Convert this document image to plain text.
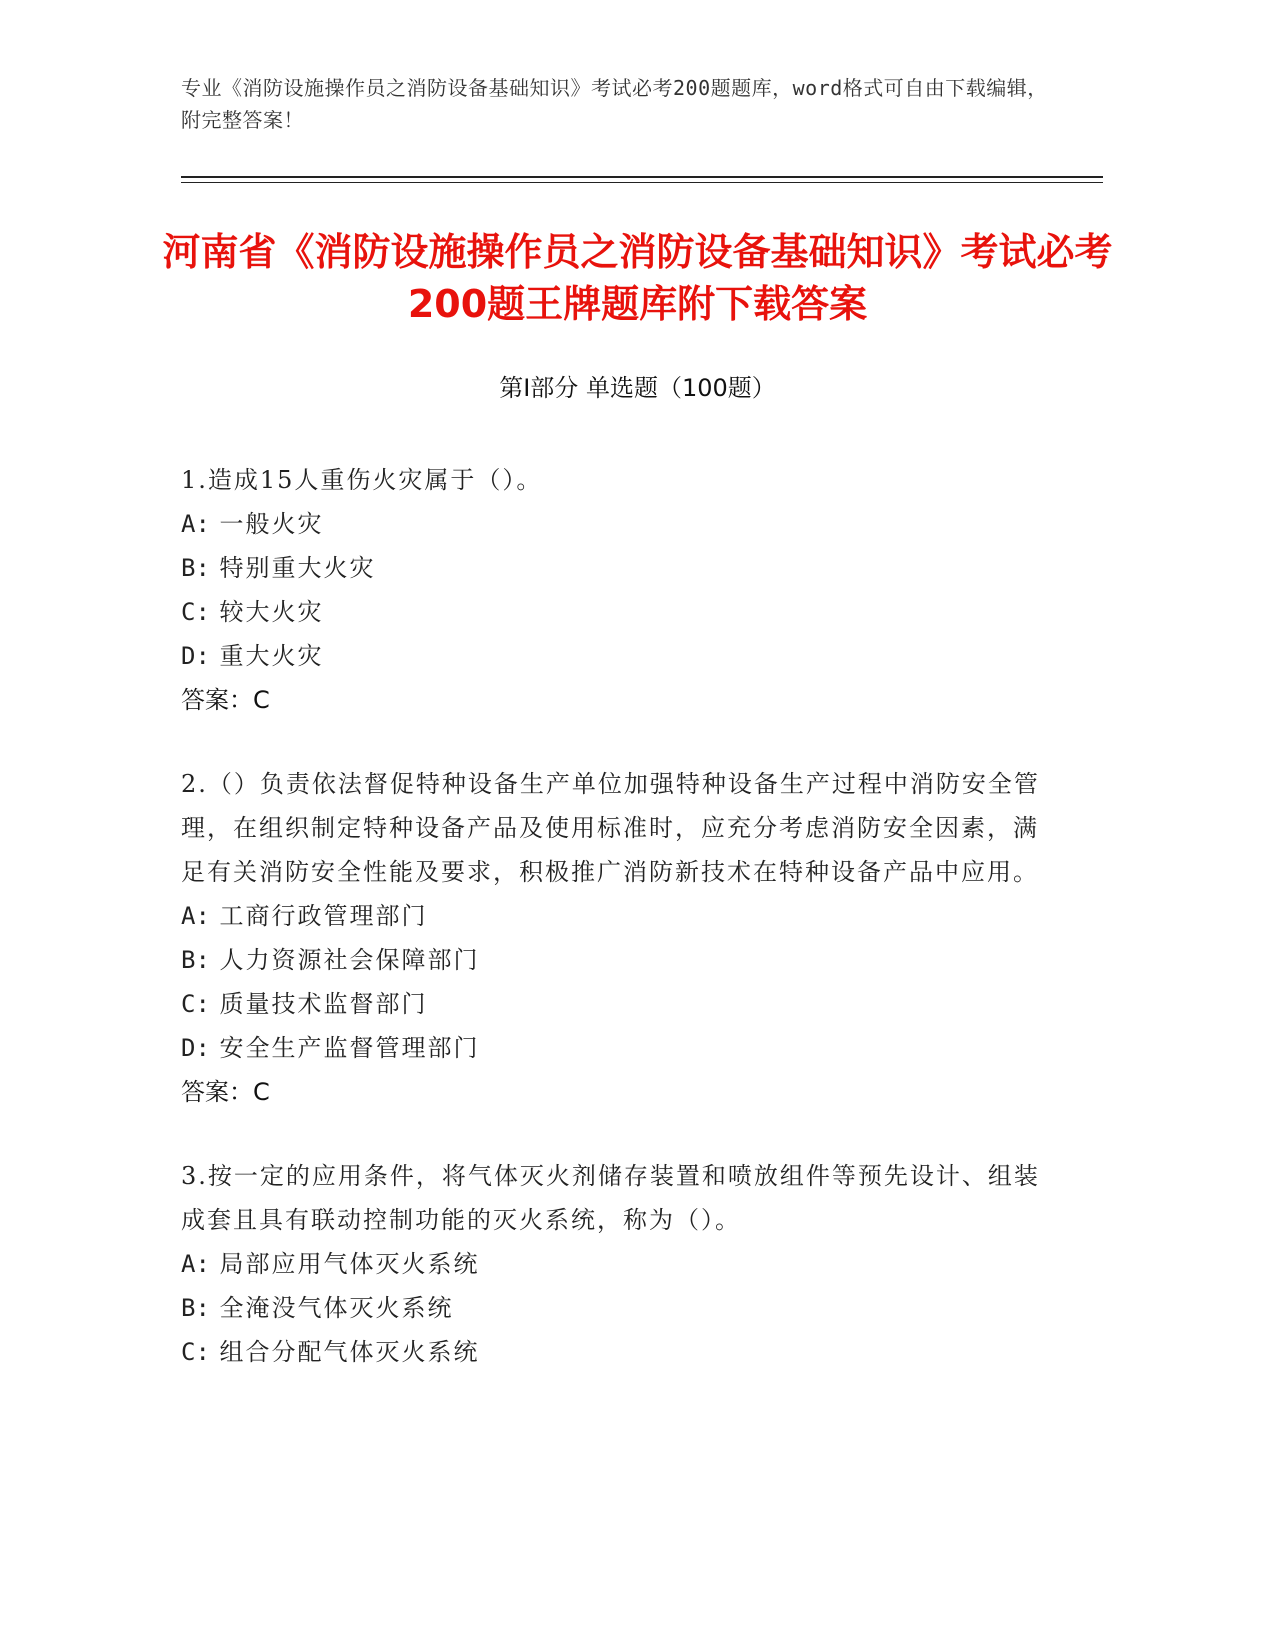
专业《消防设施操作员之消防设备基础知识》考试必考200题题库，word格式可自由下载编辑，附完整答案！
河南省《消防设施操作员之消防设备基础知识》考试必考200题王牌题库附下载答案
第Ⅰ部分 单选题（100题）
1.造成15人重伤火灾属于（）。
A: 一般火灾
B: 特别重大火灾
C: 较大火灾
D: 重大火灾
答案：C
2.（）负责依法督促特种设备生产单位加强特种设备生产过程中消防安全管理，在组织制定特种设备产品及使用标准时，应充分考虑消防安全因素，满足有关消防安全性能及要求，积极推广消防新技术在特种设备产品中应用。
A: 工商行政管理部门
B: 人力资源社会保障部门
C: 质量技术监督部门
D: 安全生产监督管理部门
答案：C
3.按一定的应用条件，将气体灭火剂储存装置和喷放组件等预先设计、组装成套且具有联动控制功能的灭火系统，称为（）。
A: 局部应用气体灭火系统
B: 全淹没气体灭火系统
C: 组合分配气体灭火系统
